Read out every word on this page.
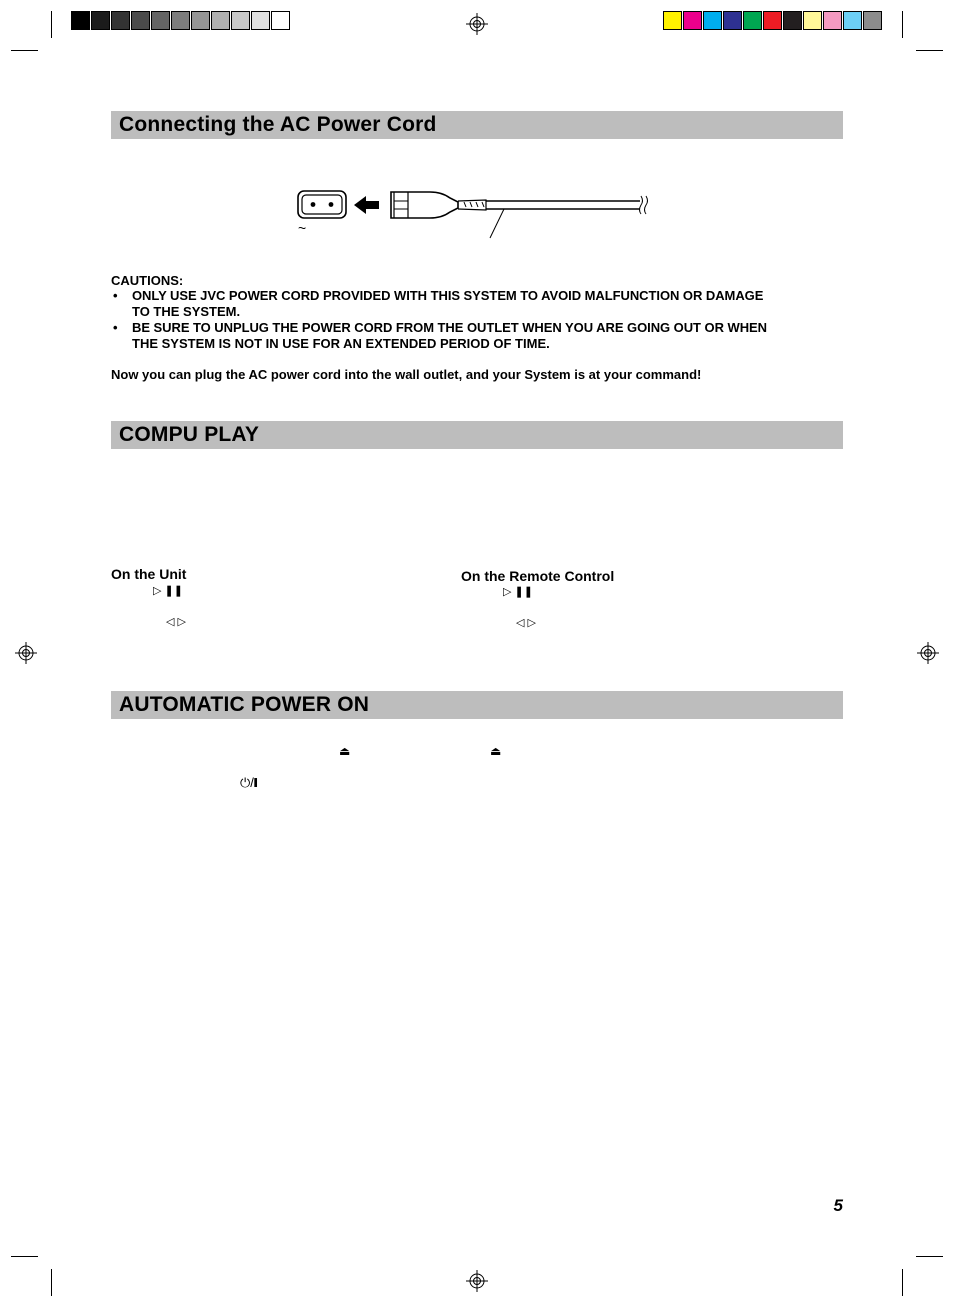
Connecting the AC Power Cord
~
CAUTIONS:
• ONLY USE JVC POWER CORD PROVIDED WITH THIS SYSTEM TO AVOID MALFUNCTION OR DAMAGE
TO THE SYSTEM.
• BE SURE TO UNPLUG THE POWER CORD FROM THE OUTLET WHEN YOU ARE GOING OUT OR WHEN
THE SYSTEM IS NOT IN USE FOR AN EXTENDED PERIOD OF TIME.
Now you can plug the AC power cord into the wall outlet, and your System is at your command!
COMPU PLAY
On the Unit
▷ ❚❚
◁ ▷
On the Remote Control
▷ ❚❚
◁ ▷
AUTOMATIC POWER ON
⏏	⏏
⏻/❙
5
